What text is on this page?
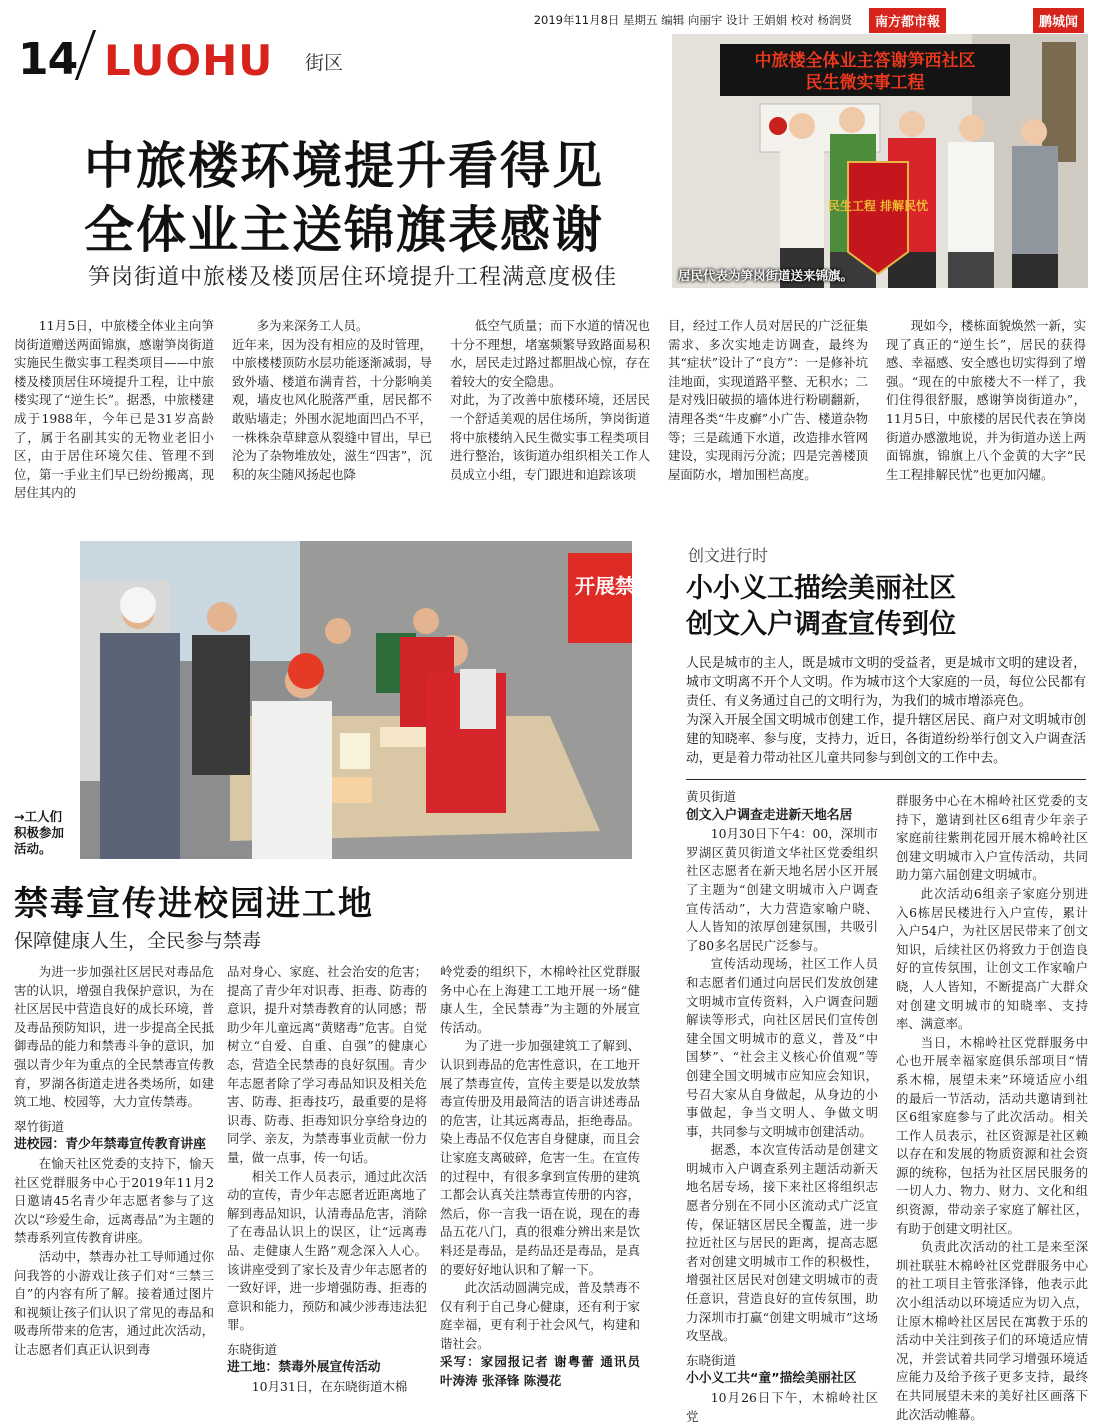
2019年11月8日 星期五 编辑 向丽宇 设计 王娟娟 校对 杨润贤	南方都市報	鹏城闻
14 LUOHU 街区
中旅楼环境提升看得见
全体业主送锦旗表感谢
笋岗街道中旅楼及楼顶居住环境提升工程满意度极佳
中旅楼全体业主答谢笋西社区
民生微实事工程
民生工程 排解民忧
居民代表为笋岗街道送来锦旗。

11月5日，中旅楼全体业主向笋岗街道赠送两面锦旗，感谢笋岗街道实施民生微实事工程类项目——中旅楼及楼顶居住环境提升工程，让中旅楼实现了“逆生长”。据悉，中旅楼建成于1988年，今年已是31岁高龄了，属于名副其实的无物业老旧小区，由于居住环境欠佳、管理不到位，第一手业主们早已纷纷搬离，现居住其内的

多为来深务工人员。
近年来，因为没有相应的及时管理，中旅楼楼顶防水层功能逐渐减弱，导致外墙、楼道布满青苔，十分影响美观，墙皮也风化脱落严重，居民都不敢贴墙走；外围水泥地面凹凸不平，一株株杂草肆意从裂缝中冒出，早已沦为了杂物堆放处，滋生“四害”，沉积的灰尘随风扬起也降

低空气质量；而下水道的情况也十分不理想，堵塞频繁导致路面易积水，居民走过路过都胆战心惊，存在着较大的安全隐患。
对此，为了改善中旅楼环境，还居民一个舒适美观的居住场所，笋岗街道将中旅楼纳入民生微实事工程类项目进行整治，该街道办组织相关工作人员成立小组，专门跟进和追踪该项

目，经过工作人员对居民的广泛征集需求、多次实地走访调查，最终为其“症状”设计了“良方”：一是修补坑洼地面，实现道路平整、无积水；二是对残旧破损的墙体进行粉刷翻新，清理各类“牛皮癣”小广告、楼道杂物等；三是疏通下水道，改造排水管网建设，实现雨污分流；四是完善楼顶屋面防水，增加围栏高度。

现如今，楼栋面貌焕然一新，实现了真正的“逆生长”，居民的获得感、幸福感、安全感也切实得到了增强。“现在的中旅楼大不一样了，我们住得很舒服，感谢笋岗街道办”，11月5日，中旅楼的居民代表在笋岗街道办感激地说，并为街道办送上两面锦旗，锦旗上八个金黄的大字“民生工程排解民忧”也更加闪耀。

开展禁
→工人们
积极参加
活动。
禁毒宣传进校园进工地
保障健康人生，全民参与禁毒

为进一步加强社区居民对毒品危害的认识，增强自我保护意识，为在社区居民中营造良好的成长环境，普及毒品预防知识，进一步提高全民抵御毒品的能力和禁毒斗争的意识，加强以青少年为重点的全民禁毒宣传教育，罗湖各街道走进各类场所，如建筑工地、校园等，大力宣传禁毒。

翠竹街道

进校园：青少年禁毒宣传教育讲座

在愉天社区党委的支持下，愉天社区党群服务中心于2019年11月2日邀请45名青少年志愿者参与了这次以“珍爱生命，远离毒品”为主题的禁毒系列宣传教育讲座。

活动中，禁毒办社工导师通过你问我答的小游戏让孩子们对“三禁三自”的内容有所了解。接着通过图片和视频让孩子们认识了常见的毒品和吸毒所带来的危害，通过此次活动，让志愿者们真正认识到毒

品对身心、家庭、社会治安的危害；提高了青少年对识毒、拒毒、防毒的意识，提升对禁毒教育的认同感；帮助少年儿童远离“黄赌毒”危害。自觉树立“自爱、自重、自强”的健康心态，营造全民禁毒的良好氛围。青少年志愿者除了学习毒品知识及相关危害、防毒、拒毒技巧，最重要的是将识毒、防毒、拒毒知识分享给身边的同学、亲友，为禁毒事业贡献一份力量，做一点事，传一句话。

相关工作人员表示，通过此次活动的宣传，青少年志愿者近距离地了解到毒品知识，认清毒品危害，消除了在毒品认识上的误区，让“远离毒品、走健康人生路”观念深入人心。该讲座受到了家长及青少年志愿者的一致好评，进一步增强防毒、拒毒的意识和能力，预防和减少涉毒违法犯罪。

东晓街道

进工地：禁毒外展宣传活动

10月31日，在东晓街道木棉

岭党委的组织下，木棉岭社区党群服务中心在上海建工工地开展一场“健康人生，全民禁毒”为主题的外展宣传活动。

为了进一步加强建筑工了解到、认识到毒品的危害性意识，在工地开展了禁毒宣传，宣传主要是以发放禁毒宣传册及用最简洁的语言讲述毒品的危害，让其远离毒品，拒绝毒品。染上毒品不仅危害自身健康，而且会让家庭支离破碎，危害一生。在宣传的过程中，有很多拿到宣传册的建筑工都会认真关注禁毒宣传册的内容，然后，你一言我一语在说，现在的毒品五花八门，真的很难分辨出来是饮料还是毒品，是药品还是毒品，是真的要好好地认识和了解一下。

此次活动圆满完成，普及禁毒不仅有利于自己身心健康，还有利于家庭幸福，更有利于社会风气，构建和谐社会。

采写：家园报记者 谢粤蕾 通讯员 叶涛涛 张泽锋 陈漫花

创文进行时
小小义工描绘美丽社区
创文入户调查宣传到位
人民是城市的主人，既是城市文明的受益者，更是城市文明的建设者，城市文明离不开个人文明。作为城市这个大家庭的一员，每位公民都有责任、有义务通过自己的文明行为，为我们的城市增添亮色。
为深入开展全国文明城市创建工作，提升辖区居民、商户对文明城市创建的知晓率、参与度，支持力，近日，各街道纷纷举行创文入户调查活动，更是着力带动社区儿童共同参与到创文的工作中去。

黄贝街道

创文入户调查走进新天地名居

10月30日下午4：00，深圳市罗湖区黄贝街道文华社区党委组织社区志愿者在新天地名居小区开展了主题为“创建文明城市入户调查宣传活动”，大力营造家喻户晓、人人皆知的浓厚创建氛围，共吸引了80多名居民广泛参与。

宣传活动现场，社区工作人员和志愿者们通过向居民们发放创建文明城市宣传资料，入户调查问题解读等形式，向社区居民们宣传创建全国文明城市的意义，普及“中国梦”、“社会主义核心价值观”等创建全国文明城市应知应会知识，号召大家从自身做起，从身边的小事做起，争当文明人、争做文明事，共同参与文明城市创建活动。

据悉，本次宣传活动是创建文明城市入户调查系列主题活动新天地名居专场，接下来社区将组织志愿者分别在不同小区流动式广泛宣传，保证辖区居民全覆盖，进一步拉近社区与居民的距离，提高志愿者对创建文明城市工作的积极性，增强社区居民对创建文明城市的责任意识，营造良好的宣传氛围，助力深圳市打赢“创建文明城市”这场攻坚战。

东晓街道

小小义工共“童”描绘美丽社区

10月26日下午，木棉岭社区党

群服务中心在木棉岭社区党委的支持下，邀请到社区6组青少年亲子家庭前往紫荆花园开展木棉岭社区创建文明城市入户宣传活动，共同助力第六届创建文明城市。

此次活动6组亲子家庭分别进入6栋居民楼进行入户宣传，累计入户54户，为社区居民带来了创文知识，后续社区仍将致力于创造良好的宣传氛围，让创文工作家喻户晓，人人皆知，不断提高广大群众对创建文明城市的知晓率、支持率、满意率。

当日，木棉岭社区党群服务中心也开展幸福家庭俱乐部项目“情系木棉，展望未来”环境适应小组的最后一节活动，活动共邀请到社区6组家庭参与了此次活动。相关工作人员表示，社区资源是社区赖以存在和发展的物质资源和社会资源的统称，包括为社区居民服务的一切人力、物力、财力、文化和组织资源，带动亲子家庭了解社区，有助于创建文明社区。

负责此次活动的社工是来至深圳社联驻木棉岭社区党群服务中心的社工项目主管张泽锋，他表示此次小组活动以环境适应为切入点，让原木棉岭社区居民在寓教于乐的活动中关注到孩子们的环境适应情况，并尝试着共同学习增强环境适应能力及给予孩子更多支持，最终在共同展望未来的美好社区画落下此次活动帷幕。
